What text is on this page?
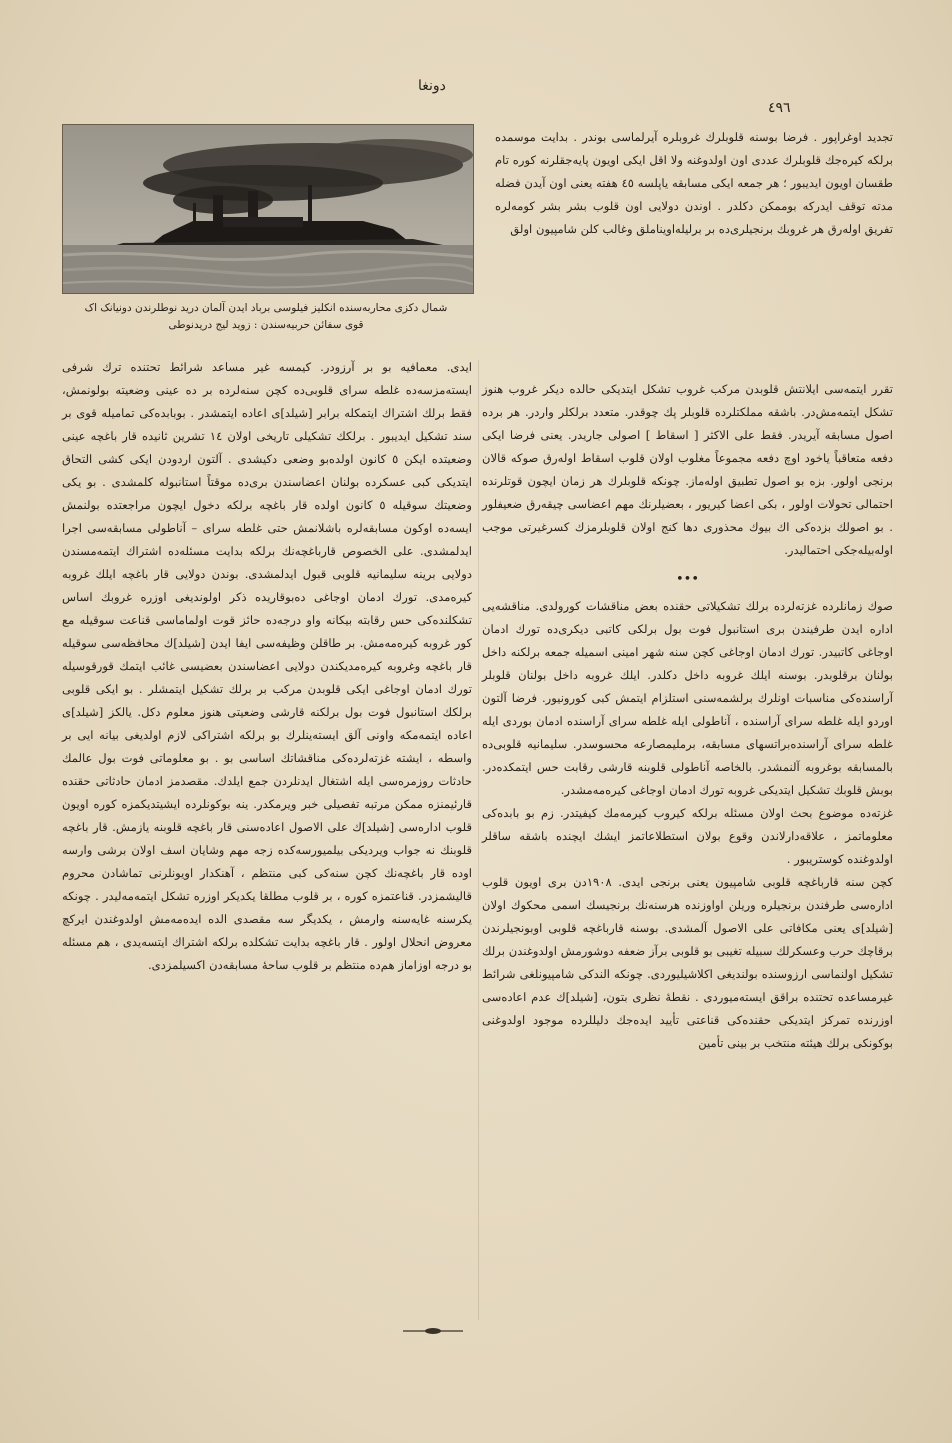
دونغا
٤٩٦
شمال دکزی محاربه‌سنده انکلیز فیلوسی برباد ایدن آلمان درید نوطلرندن دونیانک اک
قوی سفائن حربیه‌سندن : زوید لیج دریدنوطی

تجدید اوغراپور . فرضا بوسنه قلوبلرك غروبلره آیرلماسی بوندر . بدایت موسمده برلکه کیره‌جك قلوبلرك عددی اون اولدوغنه ولا اقل ایکی اویون پایه‌جقلرنه کوره تام طقسان اویون ایدیبور ؛ هر جمعه ایکی مسابقه یاپلسه ٤٥ هفته یعنی اون آیدن فضله مدته توقف ایدرکه بوممکن دکلدر . اوندن دولایی اون قلوب بشر بشر کومه‌لره تفریق اوله‌رق هر غروبك برنجیلری‌ده بر برلیله‌اویناملق وغالب کلن شامپیون اولق

تقرر ایتمه‌سی ایلانتش قلوبدن مرکب غروب تشکل ایتدیکی حالده دیکر غروب هنوز تشکل ایتمه‌مش‌در. باشقه مملکتلرده قلوبلر پك چوقدر. متعدد برلکلر واردر. هر برده اصول مسابقه آیریدر. فقط علی الاکثر [ اسقاط ] اصولی جاریدر. یعنی فرضا ایکی دفعه متعاقباً یاخود اوچ دفعه مجموعاً مغلوب اولان قلوب اسقاط اوله‌رق صوکه قالان برنجی اولور. بزه بو اصول تطبیق اوله‌ماز. چونکه قلوبلرك هر زمان ایچون قوتلرنده احتمالی تحولات اولور ، بکی اعضا کیریور ، بعضیلرنك مهم اعضاسی چیقه‌رق ضعیفلور . بو اصولك بزده‌کی اك بیوك محذوری دها کنج اولان قلوبلرمزك کسرغیرتی موجب اوله‌بیله‌جکی احتمالیدر.

•••

صوك زمانلرده غزته‌لرده برلك تشکیلاتی حقنده بعض مناقشات کورولدی. مناقشه‌یی اداره ایدن طرفیندن بری استانبول فوت بول برلکی کاتبی دیکری‌ده تورك ادمان اوجاغی کاتبیدر. تورك ادمان اوجاغی کچن سنه شهر امینی اسمیله جمعه برلکنه داخل بولنان برقلوبدر. بوسنه ایلك غروبه داخل دکلدر. ایلك غروبه داخل بولنان قلوبلر آراسنده‌کی مناسبات اونلرك برلشمه‌سنی استلزام ایتمش کبی کورونیور. فرضا آلتون اوردو ایله غلطه سرای آراسنده ، آناطولی ایله غلطه سرای آراسنده ادمان بوردی ایله غلطه سرای آراسنده‌بر‌اتسهای مسابقه، برملیمصارعه محسوسدر. سلیمانیه قلوبی‌ده بالمسابقه بوغروبه آلنمشدر. بالخاصه آناطولی قلوبنه قارشی رقابت حس ایتمکده‌در. بوبش قلوبك تشکیل ایتدیکی غروبه تورك ادمان اوجاغی کیره‌مه‌مشدر.
غزته‌ده موضوع بحث اولان مسئله برلکه کیروب کیرمه‌مك کیفیتدر. زم بو بابده‌کی معلوماتمز ، علاقه‌دارلاندن وقوع بولان استطلاعاتمز ایشك ایچنده باشقه ساقلر اولدوغنده کوستریبور .
کچن سنه قارباغچه قلوبی شامپیون یعنی برنجی ایدی. ١٩٠٨دن بری اویون قلوب اداره‌سی طرفندن برنجیلره وریلن اواوزنده هرسنه‌نك برنجیسك اسمی محکوك اولان [شیلد]ی یعنی مکافاتی علی الاصول آلمشدی. بوسنه قارباغچه قلوبی اوبونجیلرندن برقاچك حرب وعسکرلك سبیله تغیبی بو قلوبی برآز ضعفه دوشورمش اولدوغندن برلك تشکیل اولنماسی ارزوسنده بولندیغی اکلاشیلیوردی. چونکه الندکی شامپیونلغی شرائط غیرمساعده تحتنده براقق ایسته‌میوردی . نقطهٔ نظری بتون، [شیلد]ك عدم اعاده‌سی اوزرنده تمرکز ایتدیکی حقنده‌کی قناعتی تأیید ایده‌جك دلیللرده موجود اولدوغنی بوکونکی برلك هیئته منتخب بر بینی تأمین

ایدی. معمافیه بو بر آرزودر. کیمسه غیر مساعد شرائط تحتنده ترك شرفی ایسته‌مزسه‌ده غلطه سرای قلوبی‌ده کچن سنه‌لرده بر ده عینی وضعیته بولونمش، فقط برلك اشتراك ایتمکله برابر [شیلد]ی اعاده ایتمشدر . بوبابده‌کی تمامیله قوی بر سند تشکیل ایدیبور . برلکك تشکیلی تاریخی اولان ١٤ تشرین ثانیده قار باغچه عینی وضعیتده ایکن ٥ کانون اولده‌بو وضعی دکیشدی . آلتون اردودن ایکی کشی التحاق ایتدیکی کبی عسکرده بولنان اعضاسندن بری‌ده موقتاً استانبوله کلمشدی . بو یکی وضعیتك سوقیله ٥ کانون اولده قار باغچه برلکه دخول ایچون مراجعتده بولنمش ایسه‌ده اوکون مسابقه‌لره باشلانمش حتی غلطه سرای – آناطولی مسابقه‌سی اجرا ایدلمشدی. علی الخصوص قارباغچه‌نك برلکه بدایت مسئله‌ده اشتراك ایتمه‌مسندن دولایی برینه سلیمانیه قلوبی قبول ایدلمشدی. بوندن دولایی قار باغچه ایلك غروبه کیره‌مدی. تورك ادمان اوجاغی ده‌بوقاریده ذکر اولوندیغی اوزره غروبك اساس تشکلنده‌کی حس رقابته بیکانه واو درجه‌ده حائز قوت اولماماسی قناعت سوقیله مع کور غروبه کیره‌مه‌مش. بر طاقلن وظیفه‌سی ایفا ایدن [شیلد]ك محافظه‌سی سوقیله قار باغچه وغروبه کیره‌مدیکندن دولایی اعضاسندن بعضیسی غائب ایتمك قورقوسیله تورك ادمان اوجاغی ایکی قلوبدن مرکب بر برلك تشکیل ایتمشلر . بو ایکی قلوبی برلکك استانبول فوت بول برلکنه قارشی وضعیتی هنوز معلوم دکل. یالکز [شیلد]ی اعاده ایتمه‌مکه واونی آلق ایسته‌ینلرك بو برلکه اشتراکی لازم اولدیغی بیانه ایی بر واسطه ، ایشته غزته‌لرده‌کی مناقشاتك اساسی بو . بو معلوماتی فوت بول عالمك حادثات روزمره‌سی ایله اشتغال ایدنلردن جمع ایلدك. مقصدمز ادمان حادثاتی حقنده قارئیمنزه ممکن مرتبه تفصیلی خبر ویرمکدر. ینه بوکونلرده ایشیتدیکمزه کوره اویون قلوب اداره‌سی [شیلد]ك علی الاصول اعاده‌سنی قار باغچه قلوبنه یازمش. قار باغچه قلوبنك نه جواب ویردیکی بیلمیورسه‌کده زجه مهم وشایان اسف اولان برشی وارسه اوده قار باغچه‌نك کچن سنه‌کی کبی منتظم ، آهنکدار اویونلرنی تماشادن محروم قالیشمزدر. قناعتمزه کوره ، بر قلوب مطلقا یکدیکر اوزره تشکل ایتمه‌مه‌لیدر . چونکه یکرسنه غایه‌سنه وارمش ، یکدیگر سه مقصدی الده ایده‌مه‌مش اولدوغندن ایرکچ معروض انحلال اولور . قار باغچه بدایت تشکلده برلکه اشتراك ایتسه‌یدی ، هم مسئله بو درجه اوزاماز هم‌ده منتظم بر قلوب ساحهٔ مسابقه‌دن اکسیلمزدی.
